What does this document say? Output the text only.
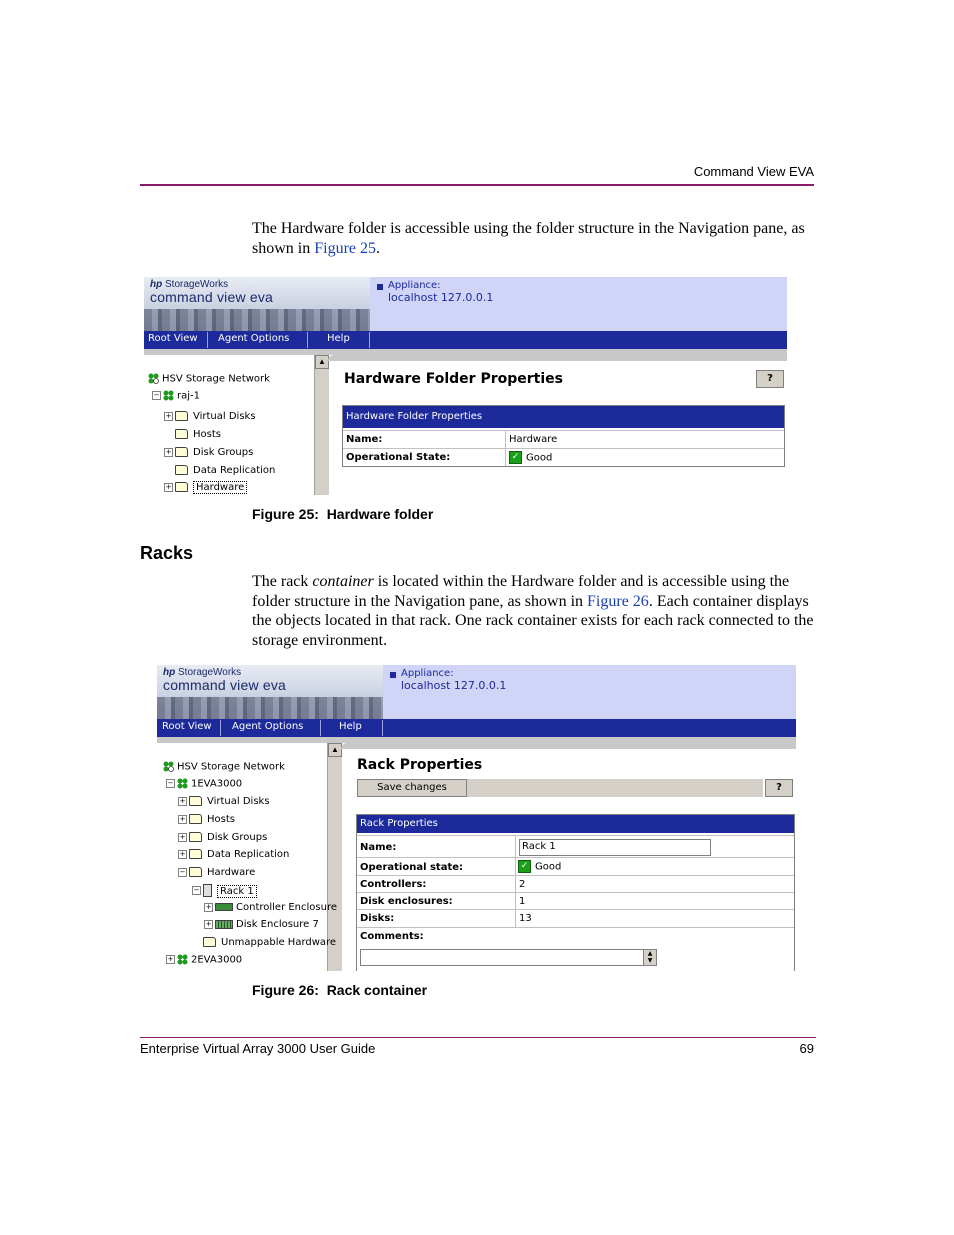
Command View EVA
The Hardware folder is accessible using the folder structure in the Navigation pane, as shown in Figure 25.
hp StorageWorks
command view eva
Appliance:
localhost 127.0.0.1
Root View Agent Options	Help
▲
HSV Storage Network
− raj-1
+ Virtual Disks
Hosts
+ Disk Groups
Data Replication
+ Hardware
Hardware Folder Properties	?
Hardware Folder Properties
Name:	Hardware
Operational State:	✓ Good
Figure 25: Hardware folder
Racks
The rack container is located within the Hardware folder and is accessible using the folder structure in the Navigation pane, as shown in Figure 26. Each container displays the objects located in that rack. One rack container exists for each rack connected to the storage environment.
hp StorageWorks
command view eva
Appliance:
localhost 127.0.0.1
Root View Agent Options	Help
▲
HSV Storage Network
− 1EVA3000
+ Virtual Disks
+ Hosts
+ Disk Groups
+ Data Replication
− Hardware
− Rack 1
+ Controller Enclosure
+ Disk Enclosure 7
Unmappable Hardware
+ 2EVA3000
Rack Properties
Save changes	?
Rack Properties
Name:	Rack 1
Operational state:	✓ Good
Controllers:	2
Disk enclosures:	1
Disks:	13
Comments:
▲
▼
Figure 26: Rack container
Enterprise Virtual Array 3000 User Guide	69
